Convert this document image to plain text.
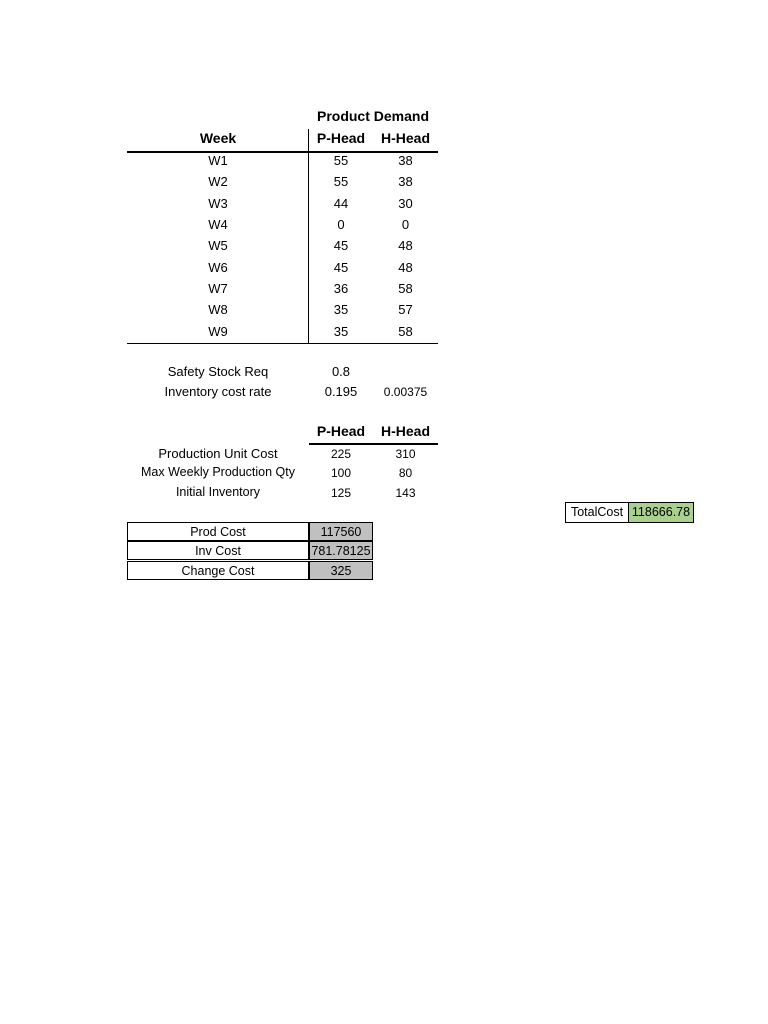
Product Demand
Week	P-Head	H-Head
W1	55	38
W2	55	38
W3	44	30
W4	0	0
W5	45	48
W6	45	48
W7	36	58
W8	35	57
W9	35	58
Safety Stock Req	0.8
Inventory cost rate	0.195	0.00375
P-Head	H-Head
Production Unit Cost	225	310
Max Weekly Production Qty	100	80
Initial Inventory	125	143
TotalCost 118666.78
Prod Cost	117560
Inv Cost	781.78125
Change Cost	325
